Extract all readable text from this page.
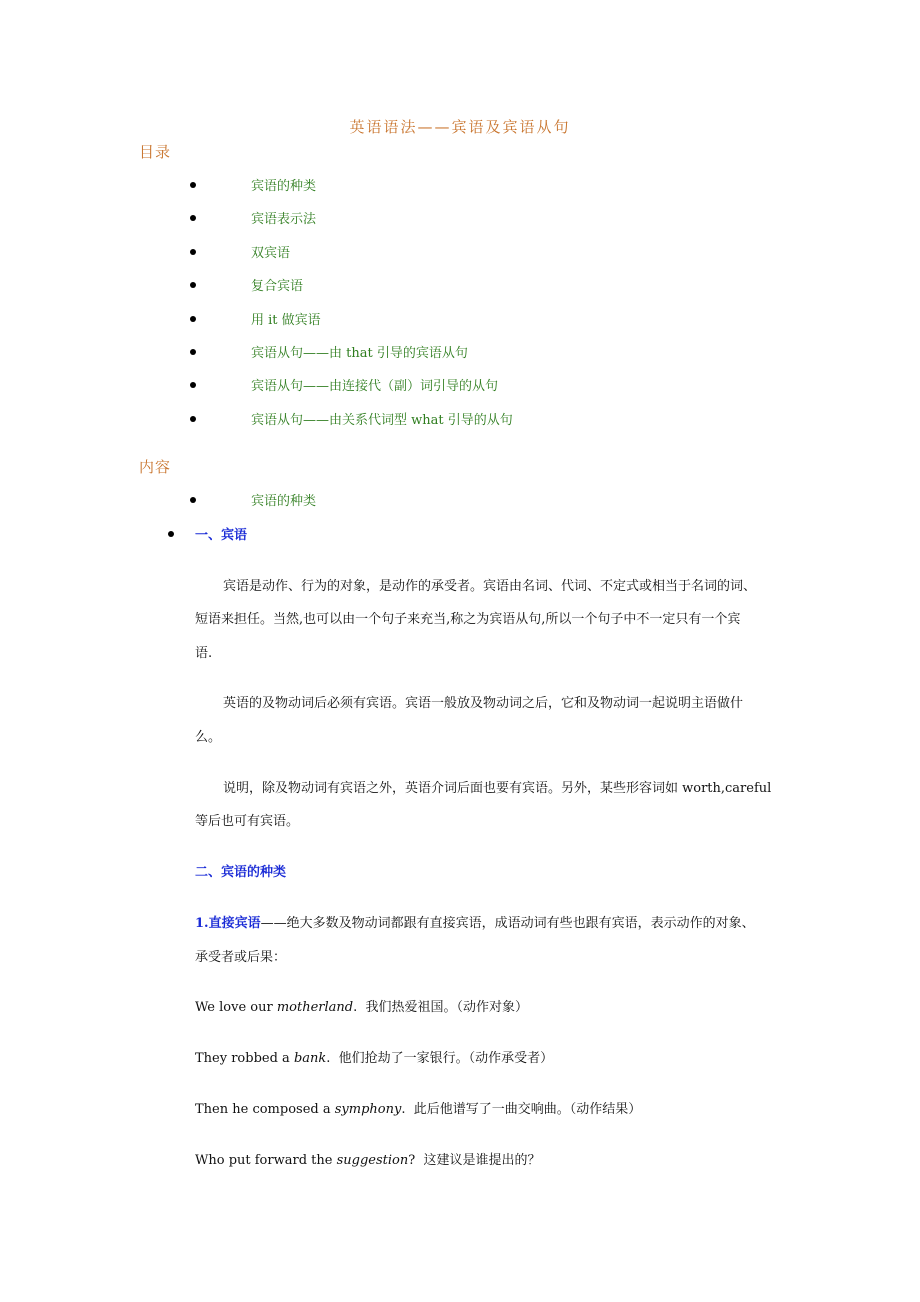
英语语法——宾语及宾语从句
目录
宾语的种类
宾语表示法
双宾语
复合宾语
用 it 做宾语
宾语从句——由 that 引导的宾语从句
宾语从句——由连接代（副）词引导的从句
宾语从句——由关系代词型 what 引导的从句
内容
宾语的种类
一、宾语
宾语是动作、行为的对象，是动作的承受者。宾语由名词、代词、不定式或相当于名词的词、
短语来担任。当然,也可以由一个句子来充当,称之为宾语从句,所以一个句子中不一定只有一个宾
语.
英语的及物动词后必须有宾语。宾语一般放及物动词之后，它和及物动词一起说明主语做什
么。
说明，除及物动词有宾语之外，英语介词后面也要有宾语。另外，某些形容词如 worth,careful
等后也可有宾语。
二、宾语的种类
1.直接宾语——绝大多数及物动词都跟有直接宾语，成语动词有些也跟有宾语，表示动作的对象、
承受者或后果：
We love our motherland. 我们热爱祖国。（动作对象）
They robbed a bank. 他们抢劫了一家银行。（动作承受者）
Then he composed a symphony. 此后他谱写了一曲交响曲。（动作结果）
Who put forward the suggestion? 这建议是谁提出的？
